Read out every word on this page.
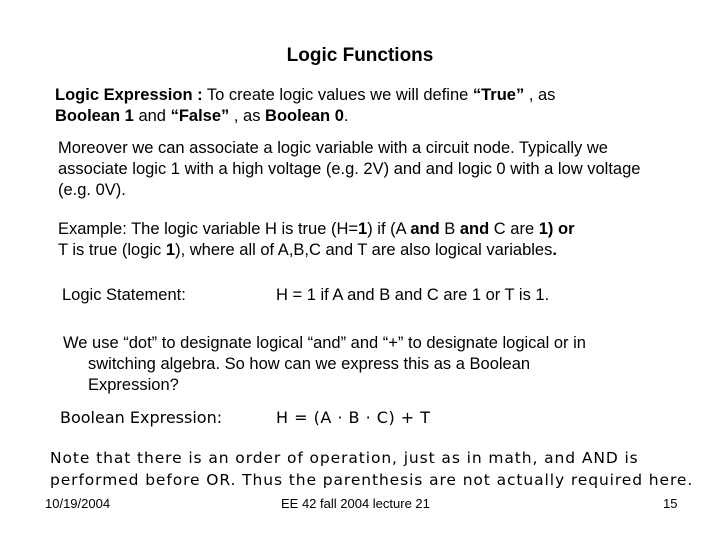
Logic Functions
Logic Expression : To create logic values we will define “True” , as
Boolean 1 and “False” , as Boolean 0.
Moreover we can associate a logic variable with a circuit node. Typically we associate logic 1 with a high voltage (e.g. 2V) and and logic 0 with a low voltage (e.g. 0V).
Example: The logic variable H is true (H=1) if (A and B and C are 1) or
T is true (logic 1), where all of A,B,C and T are also logical variables.
Logic Statement:	H = 1 if A and B and C are 1 or T is 1.
We use “dot” to designate logical “and” and “+” to designate logical or in
switching algebra. So how can we express this as a Boolean
Expression?
Boolean Expression:	H = (A · B · C) + T
Note that there is an order of operation, just as in math, and AND is
performed before OR. Thus the parenthesis are not actually required here.
10/19/2004	EE 42 fall 2004 lecture 21	15
